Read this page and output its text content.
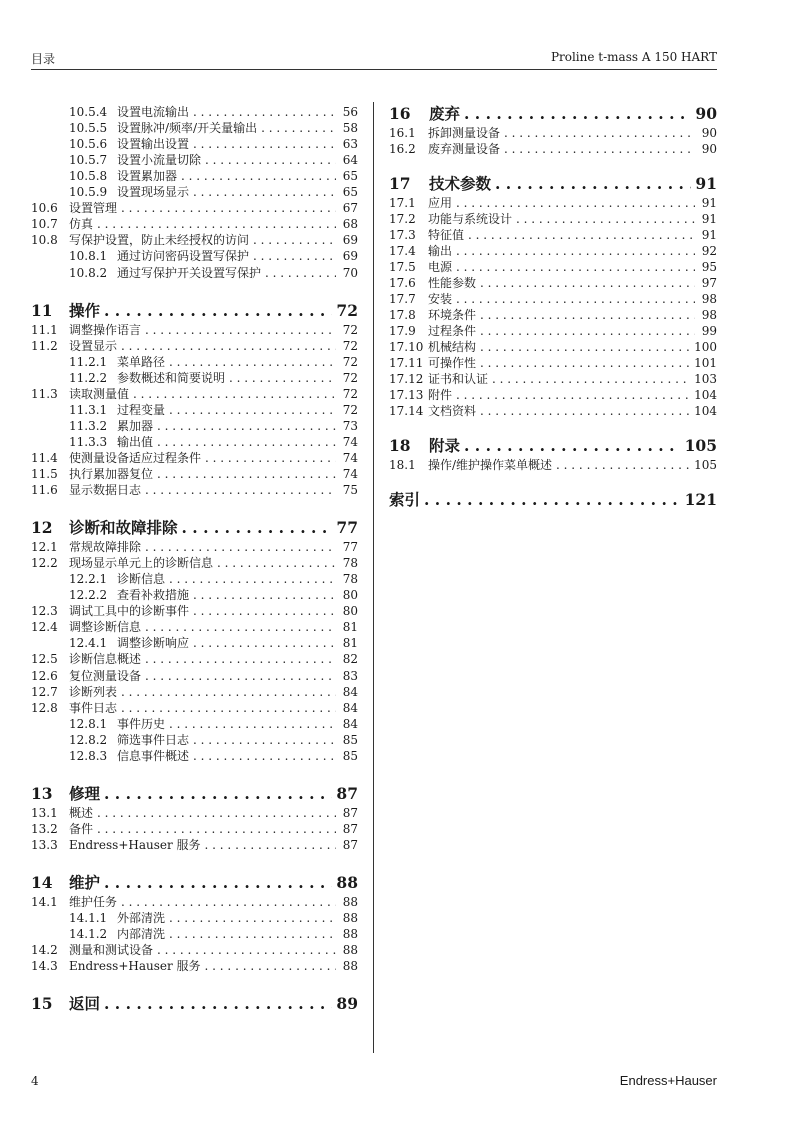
目录	Proline t-mass A 150 HART
10.5.4 设置电流输出 . . .	56
10.5.5 设置脉冲/频率/开关量输出 . . .	58
10.5.6 设置输出设置 . . .	63
10.5.7 设置小流量切除 . . .	64
10.5.8 设置累加器 . . .	65
10.5.9 设置现场显示 . . .	65
10.6 设置管理 . . .	67
10.7 仿真 . . .	68
10.8 写保护设置，防止未经授权的访问 . . .	69
10.8.1 通过访问密码设置写保护 . . .	69
10.8.2 通过写保护开关设置写保护 . . .	70
11	操作 . . .	72
11.1 调整操作语言 . . .	72
11.2 设置显示 . . .	72
11.2.1 菜单路径 . . .	72
11.2.2 参数概述和简要说明 . . .	72
11.3 读取测量值 . . .	72
11.3.1 过程变量 . . .	72
11.3.2 累加器 . . .	73
11.3.3 输出值 . . .	74
11.4 使测量设备适应过程条件 . . .	74
11.5 执行累加器复位 . . .	74
11.6 显示数据日志 . . .	75
12	诊断和故障排除 . . .	77
12.1 常规故障排除 . . .	77
12.2 现场显示单元上的诊断信息 . . .	78
12.2.1 诊断信息 . . .	78
12.2.2 查看补救措施 . . .	80
12.3 调试工具中的诊断事件 . . .	80
12.4 调整诊断信息 . . .	81
12.4.1 调整诊断响应 . . .	81
12.5 诊断信息概述 . . .	82
12.6 复位测量设备 . . .	83
12.7 诊断列表 . . .	84
12.8 事件日志 . . .	84
12.8.1 事件历史 . . .	84
12.8.2 筛选事件日志 . . .	85
12.8.3 信息事件概述 . . .	85
13	修理 . . .	87
13.1 概述 . . .	87
13.2 备件 . . .	87
13.3 Endress+Hauser 服务 . . .	87
14	维护 . . .	88
14.1 维护任务 . . .	88
14.1.1 外部清洗 . . .	88
14.1.2 内部清洗 . . .	88
14.2 测量和测试设备 . . .	88
14.3 Endress+Hauser 服务 . . .	88
15	返回 . . .	89
16	废弃 . . .	90
16.1	拆卸测量设备 . . .	90
16.2	废弃测量设备 . . .	90
17	技术参数 . . .	91
17.1	应用 . . .	91
17.2	功能与系统设计 . . .	91
17.3	特征值 . . .	91
17.4	输出 . . .	92
17.5	电源 . . .	95
17.6	性能参数 . . .	97
17.7	安装 . . .	98
17.8	环境条件 . . .	98
17.9	过程条件 . . .	99
17.10 机械结构 . . .	100
17.11 可操作性 . . .	101
17.12 证书和认证 . . .	103
17.13 附件 . . .	104
17.14 文档资料 . . .	104
18	附录 . . .	105
18.1	操作/维护操作菜单概述 . . .	105
索引 . . .	121
4	Endress+Hauser
